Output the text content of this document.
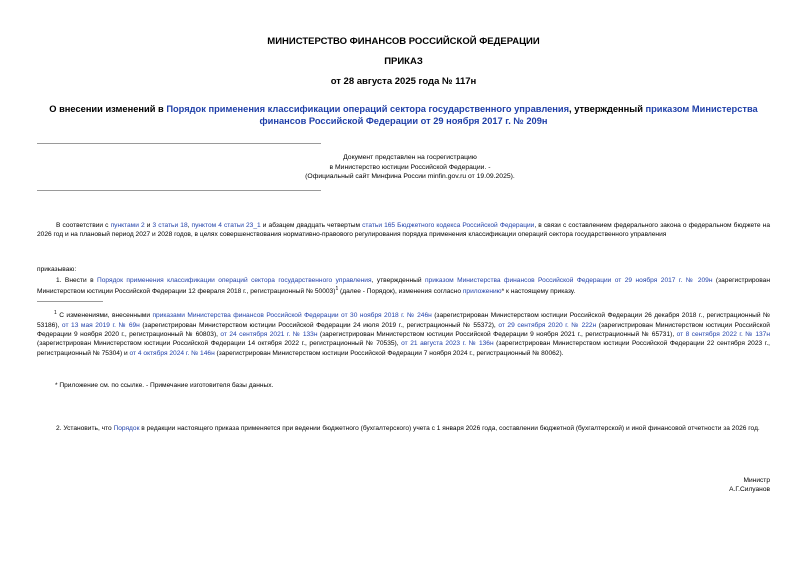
МИНИСТЕРСТВО ФИНАНСОВ РОССИЙСКОЙ ФЕДЕРАЦИИ
ПРИКАЗ
от 28 августа 2025 года № 117н
О внесении изменений в Порядок применения классификации операций сектора государственного управления, утвержденный приказом Министерства финансов Российской Федерации от 29 ноября 2017 г. № 209н
Документ представлен на госрегистрацию
в Министерство юстиции Российской Федерации. -
(Официальный сайт Минфина России minfin.gov.ru от 19.09.2025).
В соответствии с пунктами 2 и 3 статьи 18, пунктом 4 статьи 23_1 и абзацем двадцать четвертым статьи 165 Бюджетного кодекса Российской Федерации, в связи с составлением федерального закона о федеральном бюджете на 2026 год и на плановый период 2027 и 2028 годов, в целях совершенствования нормативно-правового регулирования порядка применения классификации операций сектора государственного управления
приказываю:
1. Внести в Порядок применения классификации операций сектора государственного управления, утвержденный приказом Министерства финансов Российской Федерации от 29 ноября 2017 г. № 209н (зарегистрирован Министерством юстиции Российской Федерации 12 февраля 2018 г., регистрационный № 50003)$^1$ (далее - Порядок), изменения согласно приложению* к настоящему приказу.
$^1$ С изменениями, внесенными приказами Министерства финансов Российской Федерации от 30 ноября 2018 г. № 246н (зарегистрирован Министерством юстиции Российской Федерации 26 декабря 2018 г., регистрационный № 53186), от 13 мая 2019 г. № 69н (зарегистрирован Министерством юстиции Российской Федерации 24 июля 2019 г., регистрационный № 55372), от 29 сентября 2020 г. № 222н (зарегистрирован Министерством юстиции Российской Федерации 9 ноября 2020 г., регистрационный № 60803), от 24 сентября 2021 г. № 133н (зарегистрирован Министерством юстиции Российской Федерации 9 ноября 2021 г., регистрационный № 65731), от 8 сентября 2022 г. № 137н (зарегистрирован Министерством юстиции Российской Федерации 14 октября 2022 г., регистрационный № 70535), от 21 августа 2023 г. № 136н (зарегистрирован Министерством юстиции Российской Федерации 22 сентября 2023 г., регистрационный № 75304) и от 4 октября 2024 г. № 146н (зарегистрирован Министерством юстиции Российской Федерации 7 ноября 2024 г., регистрационный № 80062).
* Приложение см. по ссылке. - Примечание изготовителя базы данных.
2. Установить, что Порядок в редакции настоящего приказа применяется при ведении бюджетного (бухгалтерского) учета с 1 января 2026 года, составлении бюджетной (бухгалтерской) и иной финансовой отчетности за 2026 год.
Министр
А.Г.Силуанов
